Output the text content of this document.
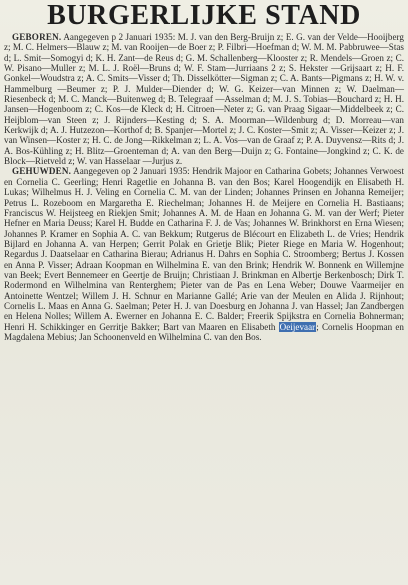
BURGERLIJKE STAND

GEBOREN. Aangegeven p 2 Januari 1935: M. J. van den Berg-Bruijn z; E. G. van der Velde—Hooijberg z; M. C. Helmers—Blauw z; M. van Rooijen—de Boer z; P. Filbri—Hoefman d; W. M. M. Pabbruwee—Stas d; L. Smit—Somogyi d; K. H. Zant—de Reus d; G. M. Schallenberg—Klooster z; R. Mendels—Groen z; C. W. Pisano—Muller z; M. L. J. Roël—Bruns d; W. F. Stam—Jurriaans 2 z; S. Hekster —Grijsaart z; H. F. Gonkel—Woudstra z; A. C. Smits—Visser d; Th. Disselkötter—Sigman z; C. A. Bants—Pigmans z; H. W. v. Hammelburg —Beumer z; P. J. Mulder—Diender d; W. G. Keizer—van Minnen z; W. Daelman—Riesenbeck d; M. C. Manck—Buitenweg d; B. Telegraaf —Asselman d; M. J. S. Tobias—Bouchard z; H. H. Jansen—Hogenboom z; C. Kos—de Kleck d; H. Citroen—Neter z; G. van Praag Sigaar—Middelbeek z; C. Heijblom—van Steen z; J. Rijnders—Kesting d; S. A. Moorman—Wildenburg d; D. Morreau—van Kerkwijk d; A. J. Hutzezon—Korthof d; B. Spanjer—Mortel z; J. C. Koster—Smit z; A. Visser—Keizer z; J. van Winsen—Koster z; H. C. de Jong—Rikkelman z; L. A. Vos—van de Graaf z; P. A. Duyvensz—Rits d; J. A. Bos-Kühling z; H. Blitz—Groenteman d; A. van den Berg—Duijn z; G. Fontaine—Jongkind z; C. K. de Block—Rietveld z; W. van Hasselaar —Jurjus z.

GEHUWDEN. Aangegeven op 2 Januari 1935: Hendrik Majoor en Catharina Gobets; Johannes Verwoest en Cornelia C. Geerling; Henri Ragetlie en Johanna B. van den Bos; Karel Hoogendijk en Elisabeth H. Lukas; Wilhelmus H. J. Veling en Cornelia C. M. van der Linden; Johannes Prinsen en Johanna Remeijer; Petrus L. Rozeboom en Margaretha E. Riechelman; Johannes H. de Meijere en Cornelia H. Bastiaans; Franciscus W. Heijsteeg en Riekjen Smit; Johannes A. M. de Haan en Johanna G. M. van der Werf; Pieter Hefner en Maria Deuss; Karel H. Budde en Catharina F. J. de Vas; Johannes W. Brinkhorst en Erna Wiesen; Johannes P. Kramer en Sophia A. C. van Bekkum; Rutgerus de Blécourt en Elizabeth L. de Vries; Hendrik Bijlard en Johanna A. van Herpen; Gerrit Polak en Grietje Blik; Pieter Riege en Maria W. Hogenhout; Regardus J. Daatselaar en Catharina Bierau; Adrianus H. Dahrs en Sophia C. Stroomberg; Bertus J. Kossen en Anna P. Visser; Adraan Koopman en Wilhelmina E. van den Brink; Hendrik W. Bonnenk en Willemjne van Beek; Evert Bennemeer en Geertje de Bruijn; Christiaan J. Brinkman en Albertje Berkenbosch; Dirk T. Rodermond en Wilhelmina van Renterghem; Pieter van de Pas en Lena Weber; Douwe Vaarmeijer en Antoinette Wentzel; Willem J. H. Schnur en Marianne Gallé; Arie van der Meulen en Alida J. Rijnhout; Cornelis L. Maas en Anna G. Saelman; Peter H. J. van Doesburg en Johanna J. van Hassel; Jan Zandbergen en Helena Nolles; Willem A. Ewerner en Johanna E. C. Balder; Freerik Spijkstra en Cornelia Bohnerman; Henri H. Schikkinger en Gerritje Bakker; Bart van Maaren en Elisabeth Oeijevaar; Cornelis Hoopman en Magdalena Mebius; Jan Schoonenveld en Wilhelmina C. van den Bos.
